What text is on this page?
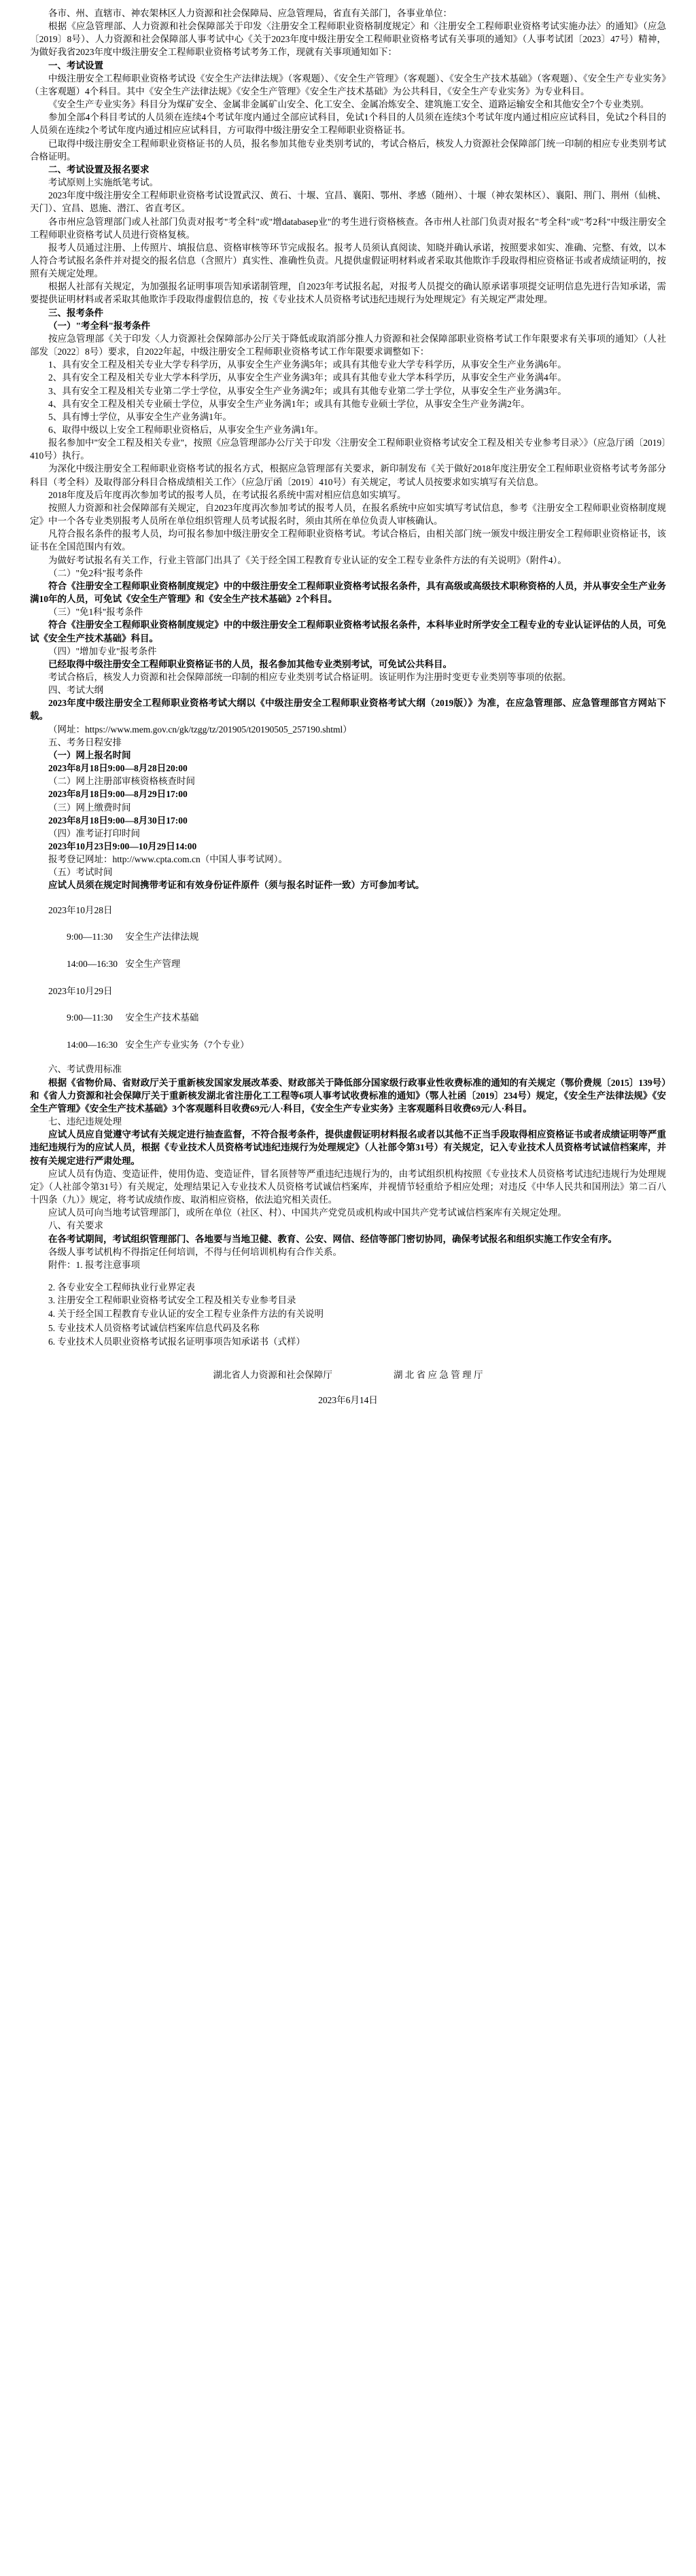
各市、州、直辖市、神农架林区人力资源和社会保障局、应急管理局，省直有关部门，各事业单位：

根据《应急管理部、人力资源和社会保障部关于印发〈注册安全工程师职业资格制度规定〉和〈注册安全工程师职业资格考试实施办法〉的通知》（应急〔2019〕8号）、人力资源和社会保障部人事考试中心《关于2023年度中级注册安全工程师职业资格考试有关事项的通知》（人事考试团〔2023〕47号）精神，为做好我省2023年度中级注册安全工程师职业资格考试考务工作，现就有关事项通知如下：

一、考试设置

中级注册安全工程师职业资格考试设《安全生产法律法规》（客观题）、《安全生产管理》（客观题）、《安全生产技术基础》（客观题）、《安全生产专业实务》（主客观题）4个科目。其中《安全生产法律法规》《安全生产管理》《安全生产技术基础》为公共科目，《安全生产专业实务》为专业科目。

《安全生产专业实务》科目分为煤矿安全、金属非金属矿山安全、化工安全、金属冶炼安全、建筑施工安全、道路运输安全和其他安全7个专业类别。

参加全部4个科目考试的人员须在连续4个考试年度内通过全部应试科目，免试1个科目的人员须在连续3个考试年度内通过相应应试科目，免试2个科目的人员须在连续2个考试年度内通过相应应试科目，方可取得中级注册安全工程师职业资格证书。

已取得中级注册安全工程师职业资格证书的人员，报名参加其他专业类别考试的，考试合格后，核发人力资源社会保障部门统一印制的相应专业类别考试合格证明。

二、考试设置及报名要求

考试原则上实施纸笔考试。

2023年度中级注册安全工程师职业资格考试设置武汉、黄石、十堰、宜昌、襄阳、鄂州、孝感（随州）、十堰（神农架林区）、襄阳、荆门、荆州（仙桃、天门）、宜昌、恩施、潜江、省直考区。

各市州应急管理部门或人社部门负责对报考"考全科"或"增databasep业"的考生进行资格核查。各市州人社部门负责对报名"考全科"或"考2科"中级注册安全工程师职业资格考试人员进行资格复核。

报考人员通过注册、上传照片、填报信息、资格审核等环节完成报名。报考人员须认真阅读、知晓并确认承诺，按照要求如实、准确、完整、有效，以本人符合考试报名条件并对提交的报名信息（含照片）真实性、准确性负责。凡提供虚假证明材料或者采取其他欺诈手段取得相应资格证书或者成绩证明的，按照有关规定处理。

根据人社部有关规定，为加强报名证明事项告知承诺制管理，自2023年考试报名起，对报考人员提交的确认原承诺事项提交证明信息先进行告知承诺，需要提供证明材料或者采取其他欺诈手段取得虚假信息的，按《专业技术人员资格考试违纪违规行为处理规定》有关规定严肃处理。

三、报考条件

（一）"考全科"报考条件

按应急管理部《关于印发〈人力资源社会保障部办公厅关于降低或取消部分推人力资源和社会保障部职业资格考试工作年限要求有关事项的通知〉（人社部发〔2022〕8号）要求，自2022年起，中级注册安全工程师职业资格考试工作年限要求调整如下：

1、具有安全工程及相关专业大学专科学历，从事安全生产业务满5年；或具有其他专业大学专科学历，从事安全生产业务满6年。

2、具有安全工程及相关专业大学本科学历，从事安全生产业务满3年；或具有其他专业大学本科学历，从事安全生产业务满4年。

3、具有安全工程及相关专业第二学士学位，从事安全生产业务满2年；或具有其他专业第二学士学位，从事安全生产业务满3年。

4、具有安全工程及相关专业硕士学位，从事安全生产业务满1年；或具有其他专业硕士学位，从事安全生产业务满2年。

5、具有博士学位，从事安全生产业务满1年。

6、取得中级以上安全工程师职业资格后，从事安全生产业务满1年。

报名参加中"安全工程及相关专业"，按照《应急管理部办公厅关于印发〈注册安全工程师职业资格考试安全工程及相关专业参考目录〉》（应急厅函〔2019〕410号）执行。

为深化中级注册安全工程师职业资格考试的报名方式，根据应急管理部有关要求，新印制发布《关于做好2018年度注册安全工程师职业资格考试考务部分科目（考全科）及取得部分科目合格成绩相关工作〉（应急厅函〔2019〕410号）有关规定，考试人员按要求如实填写有关信息。

2018年度及后年度再次参加考试的报考人员，在考试报名系统中需对相应信息如实填写。

按照人力资源和社会保障部有关规定，自2023年度再次参加考试的报考人员，在报名系统中应如实填写考试信息，参考《注册安全工程师职业资格制度规定》中一个各专业类别报考人员所在单位组织管理人员考试报名时，须由其所在单位负责人审核确认。

凡符合报名条件的报考人员，均可报名参加中级注册安全工程师职业资格考试。考试合格后，由相关部门统一颁发中级注册安全工程师职业资格证书，该证书在全国范围内有效。

为做好考试报名有关工作，行业主管部门出具了《关于经全国工程教育专业认证的安全工程专业条件方法的有关说明》（附件4）。

（二）"免2科"报考条件

符合《注册安全工程师职业资格制度规定》中的中级注册安全工程师职业资格考试报名条件，具有高级或高级技术职称资格的人员，并从事安全生产业务满10年的人员，可免试《安全生产管理》和《安全生产技术基础》2个科目。

（三）"免1科"报考条件

符合《注册安全工程师职业资格制度规定》中的中级注册安全工程师职业资格考试报名条件，本科毕业时所学安全工程专业的专业认证评估的人员，可免试《安全生产技术基础》科目。

（四）"增加专业"报考条件

已经取得中级注册安全工程师职业资格证书的人员，报名参加其他专业类别考试，可免试公共科目。

考试合格后，核发人力资源和社会保障部统一印制的相应专业类别考试合格证明。该证明作为注册时变更专业类别等事项的依据。

四、考试大纲

2023年度中级注册安全工程师职业资格考试大纲以《中级注册安全工程师职业资格考试大纲（2019版）》为准，在应急管理部、应急管理部官方网站下载。

（网址：https://www.mem.gov.cn/gk/tzgg/tz/201905/t20190505_257190.shtml）

五、考务日程安排

（一）网上报名时间

2023年8月18日9:00—8月28日20:00

（二）网上注册部审核资格核查时间

2023年8月18日9:00—8月29日17:00

（三）网上缴费时间

2023年8月18日9:00—8月30日17:00

（四）准考证打印时间

2023年10月23日9:00—10月29日14:00

报考登记网址：http://www.cpta.com.cn（中国人事考试网）。

（五）考试时间

应试人员须在规定时间携带考证和有效身份证件原件（须与报名时证件一致）方可参加考试。

2023年10月28日

9:00—11:30 安全生产法律法规

14:00—16:30 安全生产管理

2023年10月29日

9:00—11:30 安全生产技术基础

14:00—16:30 安全生产专业实务（7个专业）

六、考试费用标准

根据《省物价局、省财政厅关于重新核发国家发展改革委、财政部关于降低部分国家级行政事业性收费标准的通知的有关规定（鄂价费规〔2015〕139号）和《省人力资源和社会保障厅关于重新核发湖北省注册化工工程等6项人事考试收费标准的通知》（鄂人社函〔2019〕234号）规定，《安全生产法律法规》《安全生产管理》《安全生产技术基础》3个客观题科目收费69元/人·科目，《安全生产专业实务》主客观题科目收费69元/人·科目。

七、违纪违规处理

应试人员应自觉遵守考试有关规定进行抽查监督，不符合报考条件，提供虚假证明材料报名或者以其他不正当手段取得相应资格证书或者成绩证明等严重违纪违规行为的应试人员，根据《专业技术人员资格考试违纪违规行为处理规定》（人社部令第31号）有关规定，记入专业技术人员资格考试诚信档案库，并按有关规定进行严肃处理。

应试人员有伪造、变造证件，使用伪造、变造证件，冒名顶替等严重违纪违规行为的，由考试组织机构按照《专业技术人员资格考试违纪违规行为处理规定》（人社部令第31号）有关规定，处理结果记入专业技术人员资格考试诚信档案库，并视情节轻重给予相应处理；对违反《中华人民共和国刑法》第二百八十四条（九）》规定，将考试成绩作废、取消相应资格，依法追究相关责任。

应试人员可向当地考试管理部门，或所在单位（社区、村）、中国共产党党员或机构或中国共产党考试诚信档案库有关规定处理。

八、有关要求

在各考试期间，考试组织管理部门、各地要与当地卫健、教育、公安、网信、经信等部门密切协同，确保考试报名和组织实施工作安全有序。

各级人事考试机构不得指定任何培训，不得与任何培训机构有合作关系。

附件：1. 报考注意事项

2. 各专业安全工程师执业行业界定表

3. 注册安全工程师职业资格考试安全工程及相关专业参考目录

4. 关于经全国工程教育专业认证的安全工程专业条件方法的有关说明

5. 专业技术人员资格考试诚信档案库信息代码及名称

6. 专业技术人员职业资格考试报名证明事项告知承诺书（式样）

湖北省人力资源和社会保障厅	湖 北 省 应 急 管 理 厅
2023年6月14日
